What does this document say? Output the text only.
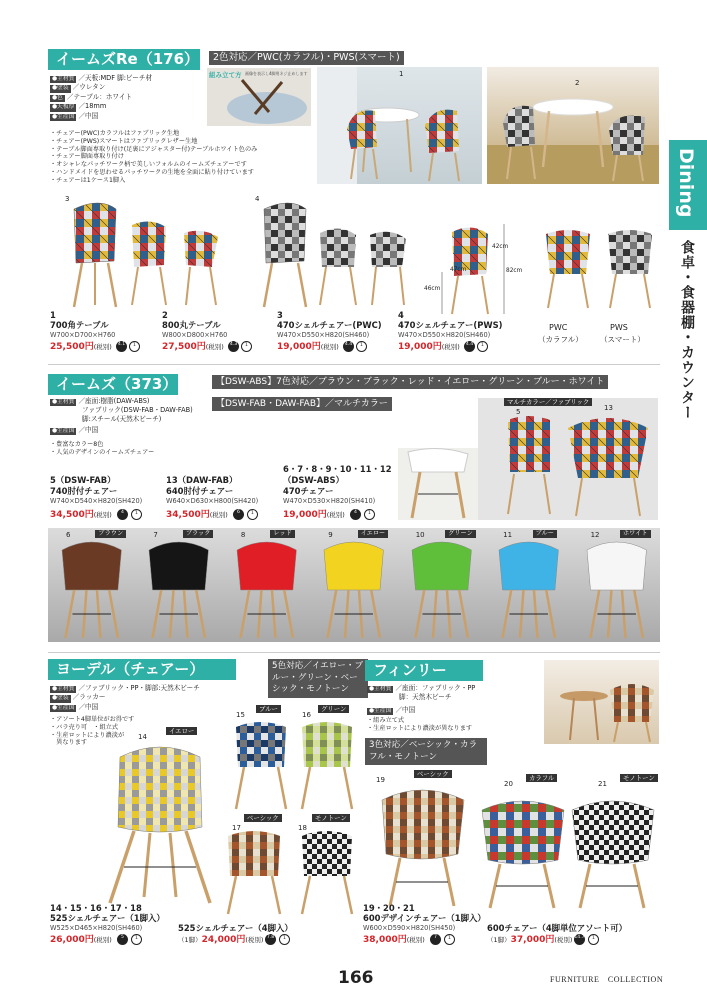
Dining
食卓・食器棚・カウンター
イームズRe（176）	2色対応／PWC(カラフル)・PWS(スマート)
●主材質 ／天板:MDF 脚:ビーチ材
●塗装 ／ウレタン
●色 ／テーブル：ホワイト
●天板厚 ／18mm
●生産国 ／中国
組み立て方 画像を表示し4脚用ネジ止めします	1
2
・チェアー(PWC)カラフルはファブリック生地
・チェアー(PWS)スマートはファブリックレザー生地
・テーブル脚面専取り付け(足裏にアジャスター付)テーブルホワイト色のみ
・チェアー脚面専取り付け
・オシャレなパッチワーク柄で美しいフォルムのイームズチェアーです
・ハンドメイドを思わせるパッチワークの生地を全面に貼り付けています
・チェアーは1ケース1脚入
3	4
42cm
47cm
46cm
82cm
PWC
（カラフル）
PWS
（スマート）
1
700角テーブル
W700×D700×H760
25,500円(税別)	4.1	1
2
800丸テーブル
W800×D800×H760
27,500円(税別)	4.3	1
3
470シェルチェアー(PWC)
W470×D550×H820(SH460)
19,000円(税別)	4.4	1
4
470シェルチェアー(PWS)
W470×D550×H820(SH460)
19,000円(税別)	4.4	1
イームズ（373）	【DSW-ABS】7色対応／ブラウン・ブラック・レッド・イエロー・グリーン・ブルー・ホワイト
【DSW-FAB・DAW-FAB】／マルチカラー
●主材質 ／座面:樹脂(DAW-ABS)
ファブリック(DSW-FAB・DAW-FAB)
脚:スチール(天然木ビーチ)
●生産国 ／中国
・豊富なカラー8色
・人気のデザインのイームズチェアー
マルチカラー／ファブリック
5	13
5（DSW-FAB）
740肘付チェアー
W740×D540×H820(SH420)
34,500円(税別)	4	1
13（DAW-FAB）
640肘付チェアー
W640×D630×H800(SH420)
34,500円(税別)	6	1
6・7・8・9・10・11・12
（DSW-ABS）
470チェアー
W470×D530×H820(SH410)
19,000円(税別)	4	1
6	ブラウン	7	ブラック	8	レッド	9	イエロー	10	グリーン	11	ブルー	12	ホワイト
ヨーデル（チェアー）	5色対応／イエロー・ブルー・グリーン・ベーシック・モノトーン
●主材質 ／ファブリック・PP・脚部:天然木ビーチ
●塗装 ／ラッカー
●生産国 ／中国
・アソート4脚単位がお得です
・バラ売り可　・組立式
・生産ロットにより濃淡が
　異なります
イエロー
14
ブルー
15
グリーン
16
ベーシック
17
モノトーン
18
14・15・16・17・18
525シェルチェアー（1脚入）
W525×D465×H820(SH460)
26,000円(税別)	5	1
525シェルチェアー（4脚入）
（1脚）24,000円(税別) 7.8	1
フィンリー
●主材質 ／座面：ファブリック・PP
脚：天然木ビーチ
●生産国 ／中国
・組み立て式
・生産ロットにより濃淡が異なります
3色対応／ベーシック・カラフル・モノトーン
19
ベーシック
20
カラフル
21
モノトーン
19・20・21
600デザインチェアー（1脚入）
W600×D590×H820(SH450)
38,000円(税別)	7	1
600チェアー（4脚単位アソート可）
（1脚）37,000円(税別) 14.7	1
166	FURNITURE　COLLECTION
